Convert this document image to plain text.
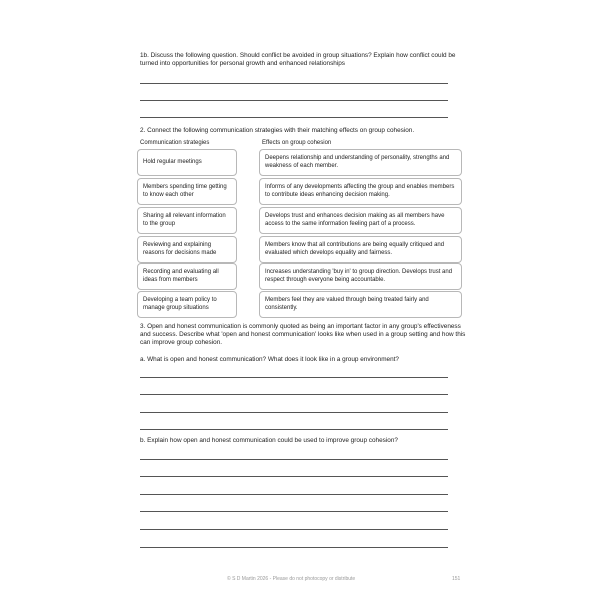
1b. Discuss the following question. Should conflict be avoided in group situations? Explain how conflict could be turned into opportunities for personal growth and enhanced relationships

2. Connect the following communication strategies with their matching effects on group cohesion.

Communication strategies	Effects on group cohesion
Hold regular meetings
Members spending time getting to know each other
Sharing all relevant information to the group
Reviewing and explaining reasons for decisions made
Recording and evaluating all ideas from members
Developing a team policy to manage group situations
Deepens relationship and understanding of personality, strengths and weakness of each member.
Informs of any developments affecting the group and enables members to contribute ideas enhancing decision making.
Develops trust and enhances decision making as all members have access to the same information feeling part of a process.
Members know that all contributions are being equally critiqued and evaluated which develops equality and fairness.
Increases understanding 'buy in' to group direction. Develops trust and respect through everyone being accountable.
Members feel they are valued through being treated fairly and consistently.

3. Open and honest communication is commonly quoted as being an important factor in any group's effectiveness and success. Describe what 'open and honest communication' looks like when used in a group setting and how this can improve group cohesion.

a. What is open and honest communication? What does it look like in a group environment?

b. Explain how open and honest communication could be used to improve group cohesion?

© S D Martin 2026 - Please do not photocopy or distribute	151
